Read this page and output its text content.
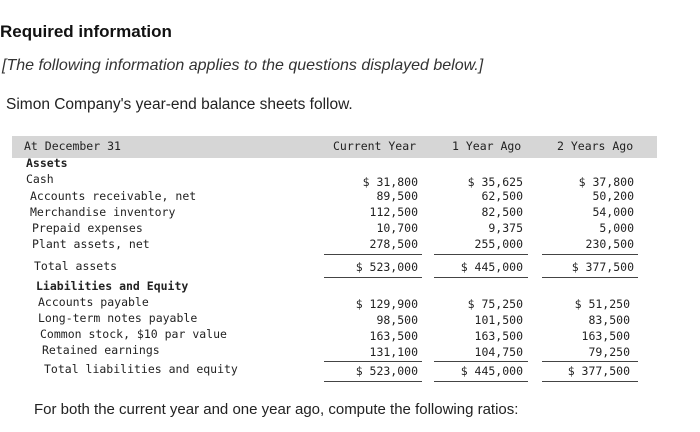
Required information
[The following information applies to the questions displayed below.]
Simon Company's year-end balance sheets follow.
At December 31	Current Year	1 Year Ago	2 Years Ago
Assets
Cash	$ 31,800	$ 35,625	$ 37,800
Accounts receivable, net	89,500	62,500	50,200
Merchandise inventory	112,500	82,500	54,000
Prepaid expenses	10,700	9,375	5,000
Plant assets, net	278,500	255,000	230,500
Total assets	$ 523,000	$ 445,000	$ 377,500
Liabilities and Equity
Accounts payable	$ 129,900	$ 75,250	$ 51,250
Long-term notes payable	98,500	101,500	83,500
Common stock, $10 par value	163,500	163,500	163,500
Retained earnings	131,100	104,750	79,250
Total liabilities and equity	$ 523,000	$ 445,000	$ 377,500
For both the current year and one year ago, compute the following ratios:
